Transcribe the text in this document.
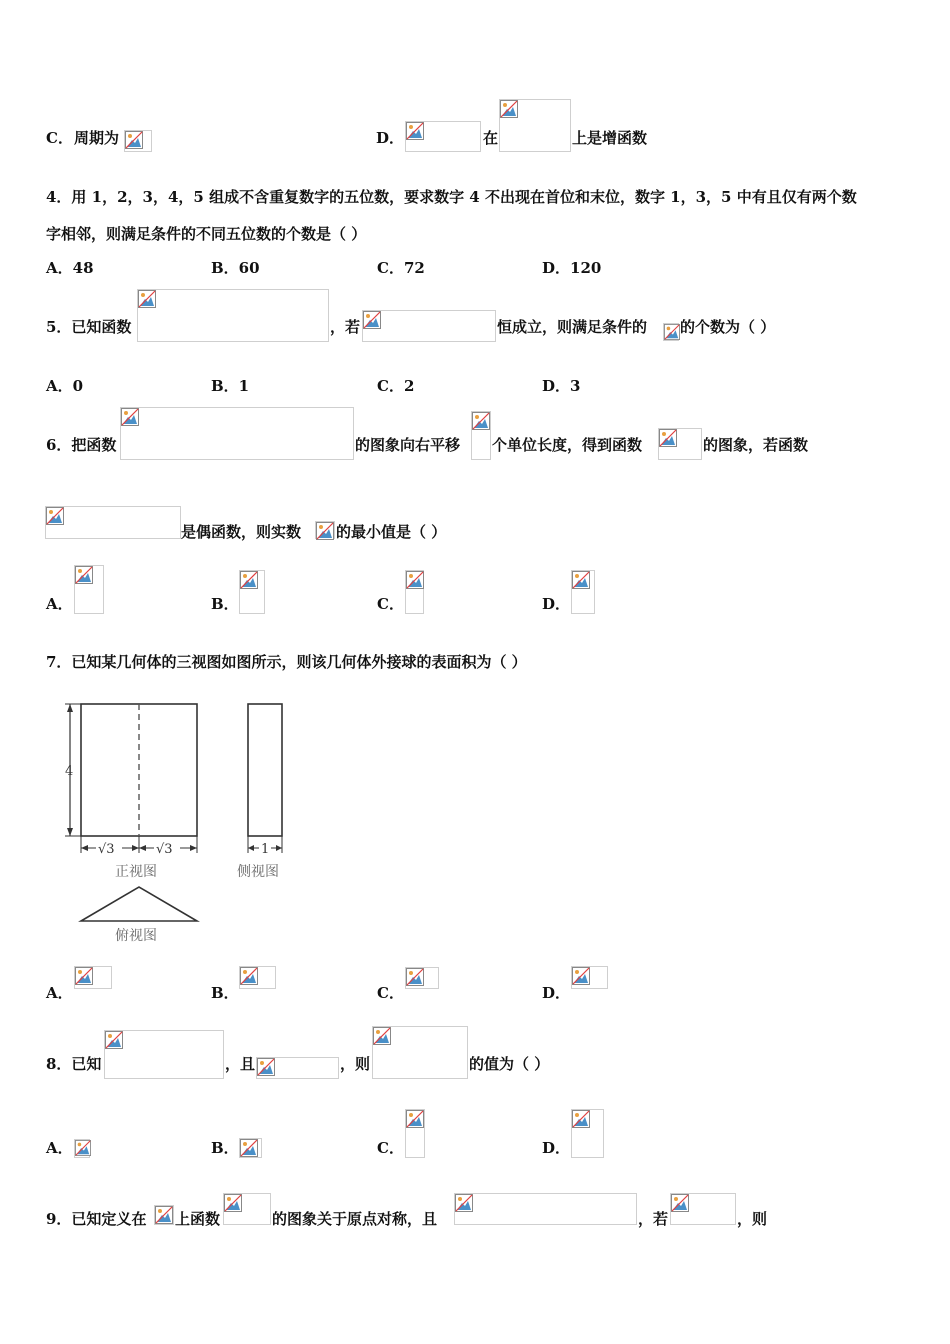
C． 周期为	D．	在	上是增函数
4．用 1，2，3，4，5 组成不含重复数字的五位数，要求数字 4 不出现在首位和末位，数字 1，3，5 中有且仅有两个数
字相邻，则满足条件的不同五位数的个数是（ ）
A．48	B．60	C．72	D．120
5．已知函数	，若	恒成立，则满足条件的 的个数为（ ）
A．0	B．1	C．2	D．3
6．把函数	的图象向右平移 个单位长度，得到函数	的图象，若函数
是偶函数，则实数 的最小值是（ ）
A．	B．	C．	D．
7．已知某几何体的三视图如图所示，则该几何体外接球的表面积为（ ）
4
√3	√3
正视图
1
侧视图
俯视图
A．	B．	C．	D．
8．已知	，且	，则	的值为（ ）
A．	B．	C．	D．
9．已知定义在 上函数	的图象关于原点对称，且	，若	，则
